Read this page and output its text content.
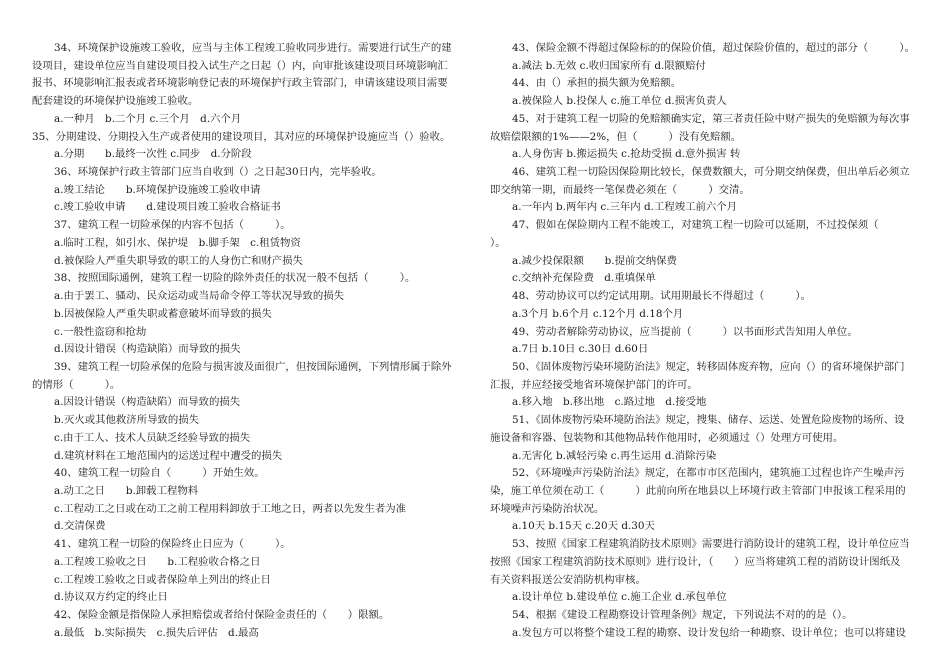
34、环境保护设施竣工验收，应当与主体工程竣工验收同步进行。需要进行试生产的建
设项目，建设单位应当自建设项目投入试生产之日起（）内，向审批该建设项目环境影响汇
报书、环境影响汇报表或者环境影响登记表的环境保护行政主管部门，申请该建设项目需要
配套建设的环境保护设施竣工验收。
a.一种月　b.二个月 c.三个月　d.六个月
35、分期建设、分期投入生产或者使用的建设项目，其对应的环境保护设施应当（）验收。
a.分期　　b.最终一次性 c.同步　d.分阶段
36、环境保护行政主管部门应当自收到（）之日起30日内，完毕验收。
a.竣工结论　　b.环境保护设施竣工验收申请
c.竣工验收申请　　d.建设项目竣工验收合格证书
37、建筑工程一切险承保的内容不包括（　　　）。
a.临时工程，如引水、保护堤　b.脚手架　c.租赁物资
d.被保险人严重失职导致的职工的人身伤亡和财产损失
38、按照国际通例，建筑工程一切险的除外责任的状况一般不包括（　　　）。
a.由于罢工、骚动、民众运动或当局命令停工等状况导致的损失
b.因被保险人严重失职或蓄意破坏而导致的损失
c.一般性盗窃和抢劫
d.因设计错误（构造缺陷）而导致的损失
39、建筑工程一切险承保的危险与损害波及面很广，但按国际通例，下列情形属于除外
的情形（　　　）。
a.因设计错误（构造缺陷）而导致的损失
b.灭火或其他救济所导致的损失
c.由于工人、技术人员缺乏经验导致的损失
d.建筑材料在工地范围内的运送过程中遭受的损失
40、建筑工程一切险自（　　　）开始生效。
a.动工之日　　b.卸载工程物料
c.工程动工之日或在动工之前工程用料卸放于工地之日，两者以先发生者为准
d.交清保费
41、建筑工程一切险的保险终止日应为（　　　）。
a.工程竣工验收之日　　b.工程验收合格之日
c.工程竣工验收之日或者保险单上列出的终止日
d.协议双方约定的终止日
42、保险金额是指保险人承担赔偿或者给付保险金责任的（　　）限额。
a.最低　b.实际损失　c.损失后评估　d.最高
43、保险金额不得超过保险标的的保险价值，超过保险价值的，超过的部分（　　　）。
a.减法 b.无效 c.收归国家所有 d.限额赔付
44、由（）承担的损失额为免赔额。
a.被保险人 b.投保人 c.施工单位 d.损害负责人
45、对于建筑工程一切险的免赔额确实定，第三者责任险中财产损失的免赔额为每次事
故赔偿限额的1%——2%，但（　　　）没有免赔额。
a.人身伤害 b.搬运损失 c.抢劫受损 d.意外损害 转
46、建筑工程一切险因保险期比较长，保费数额大，可分期交纳保费，但出单后必须立
即交纳第一期，而最终一笔保费必须在（　　　）交清。
a.一年内 b.两年内 c.三年内 d.工程竣工前六个月
47、假如在保险期内工程不能竣工，对建筑工程一切险可以延期，不过投保须（
）。
a.减少投保限额　　b.提前交纳保费
c.交纳补充保险费　d.重填保单
48、劳动协议可以约定试用期。试用期最长不得超过（　　　）。
a.3个月 b.6个月 c.12个月 d.18个月
49、劳动者解除劳动协议，应当提前（　　　）以书面形式告知用人单位。
a.7日 b.10日 c.30日 d.60日
50、《固体废物污染环境防治法》规定，转移固体废弃物，应向（）的省环境保护部门
汇报，并应经接受地省环境保护部门的许可。
a.移入地　b.移出地　c.路过地　d.接受地
51、《固体废物污染环境防治法》规定，搜集、储存、运送、处置危险废物的场所、设
施设备和容器、包装物和其他物品转作他用时，必须通过（）处理方可使用。
a.无害化 b.减轻污染 c.再生运用 d.消除污染
52、《环境噪声污染防治法》规定，在都市市区范围内，建筑施工过程也许产生噪声污
染，施工单位须在动工（　　　）此前向所在地县以上环境行政主管部门申报该工程采用的
环境噪声污染防治状况。
a.10天 b.15天 c.20天 d.30天
53、按照《国家工程建筑消防技术原则》需要进行消防设计的建筑工程，设计单位应当
按照《国家工程建筑消防技术原则》进行设计，（　　）应当将建筑工程的消防设计图纸及
有关资料报送公安消防机构审核。
a.设计单位 b.建设单位 c.施工企业 d.承包单位
54、根据《建设工程勘察设计管理条例》规定，下列说法不对的的是（）。
a.发包方可以将整个建设工程的勘察、设计发包给一种勘察、设计单位；也可以将建设
